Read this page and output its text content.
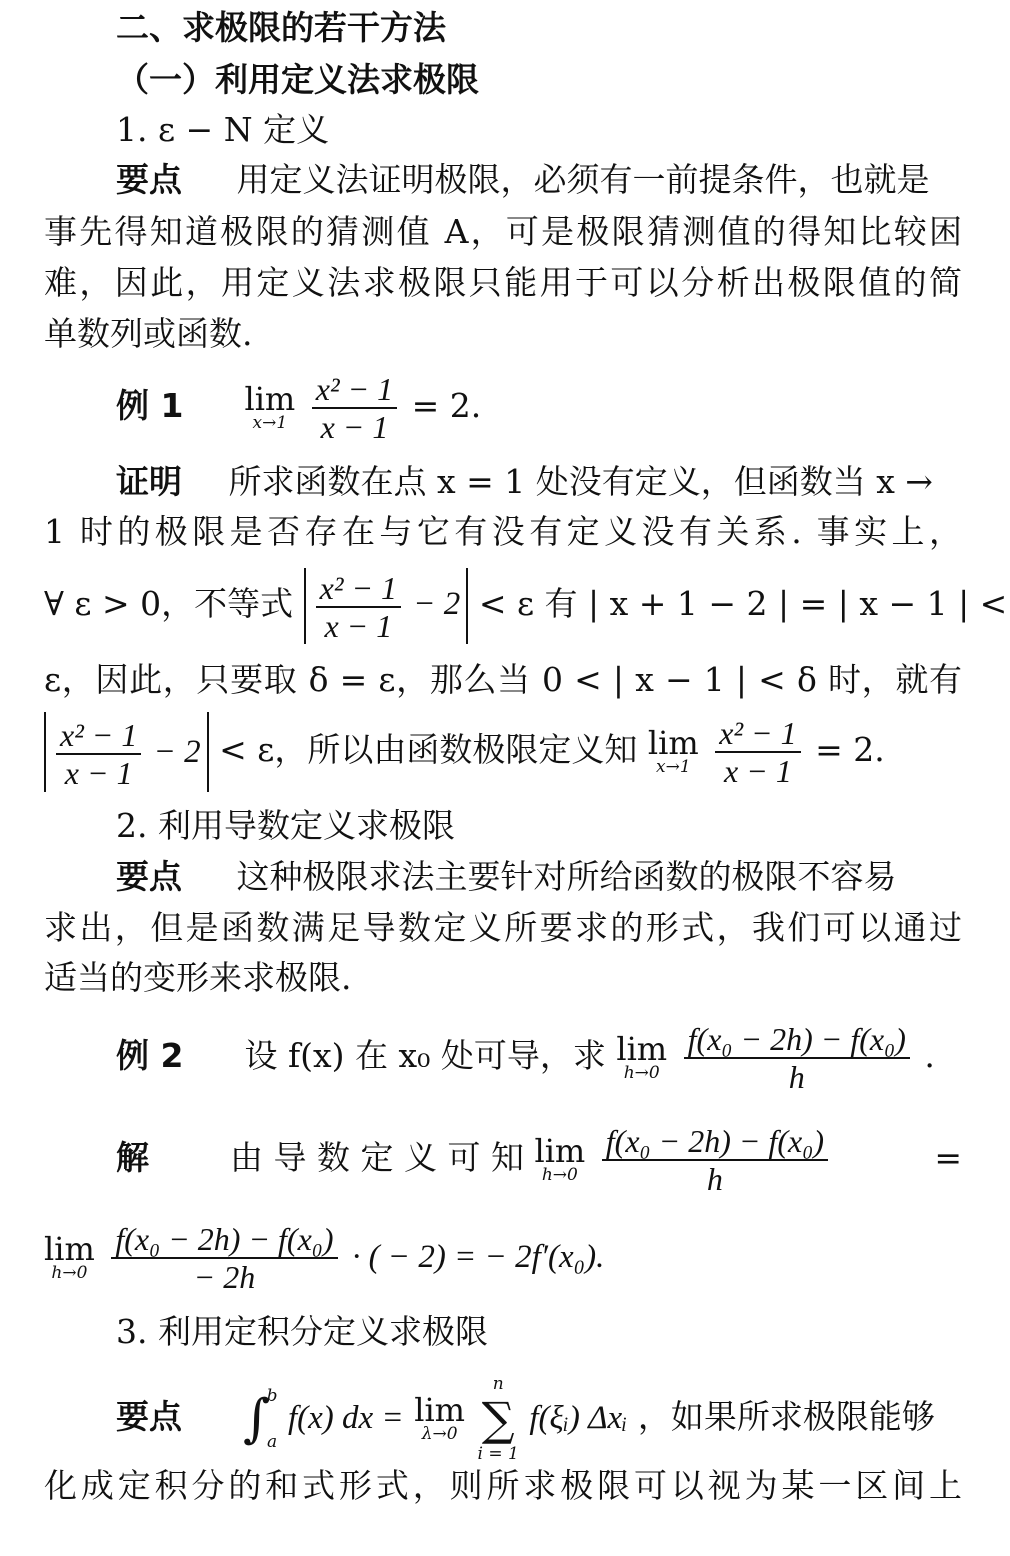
二、求极限的若干方法
（一）利用定义法求极限
1. ε − N 定义
要点 用定义法证明极限，必须有一前提条件，也就是
事先得知道极限的猜测值 A，可是极限猜测值的得知比较困
难，因此，用定义法求极限只能用于可以分析出极限值的简
单数列或函数.
例 1 lim
x→1
$\frac{\text{x² − 1}}{x - 1} = 2$.
证明 所求函数在点 x = 1 处没有定义，但函数当 x →
1 时的极限是否存在与它有没有定义没有关系. 事实上，
∀ ε > 0，不等式 $\frac{\text{x² − 1}}{x - 1} - 2 < \varepsilon$ 有 | x + 1 − 2 | = | x − 1 | <
ε，因此，只要取 δ = ε，那么当 0 < | x − 1 | < δ 时，就有
$\frac{\text{x² − 1}}{x - 1} - 2 < \varepsilon$，所以由函数极限定义知 lim
x→1
$\frac{\text{x² − 1}}{x - 1} = 2$.
2. 利用导数定义求极限
要点 这种极限求法主要针对所给函数的极限不容易
求出，但是函数满足导数定义所要求的形式，我们可以通过
适当的变形来求极限.
例 2 设 f(x) 在 x₀ 处可导，求 lim
h→0
$\frac{\text{f(x₀ − 2h) − f(x₀)}}{h}$ .
解 由 导 数 定 义 可 知 lim
h→0
$\frac{\text{f(x₀ − 2h) − f(x₀)}}{h}$	=
lim
h→0
$\frac{\text{f(x₀ − 2h) − f(x₀)}}{- 2h}$ · ( − 2) = − 2f′(x₀).
3. 利用定积分定义求极限
要点 ∫
b
a
f(x) dx = lim
λ→0

n
∑
i = 1
f(ξᵢ) Δxᵢ ，如果所求极限能够
化成定积分的和式形式，则所求极限可以视为某一区间上
